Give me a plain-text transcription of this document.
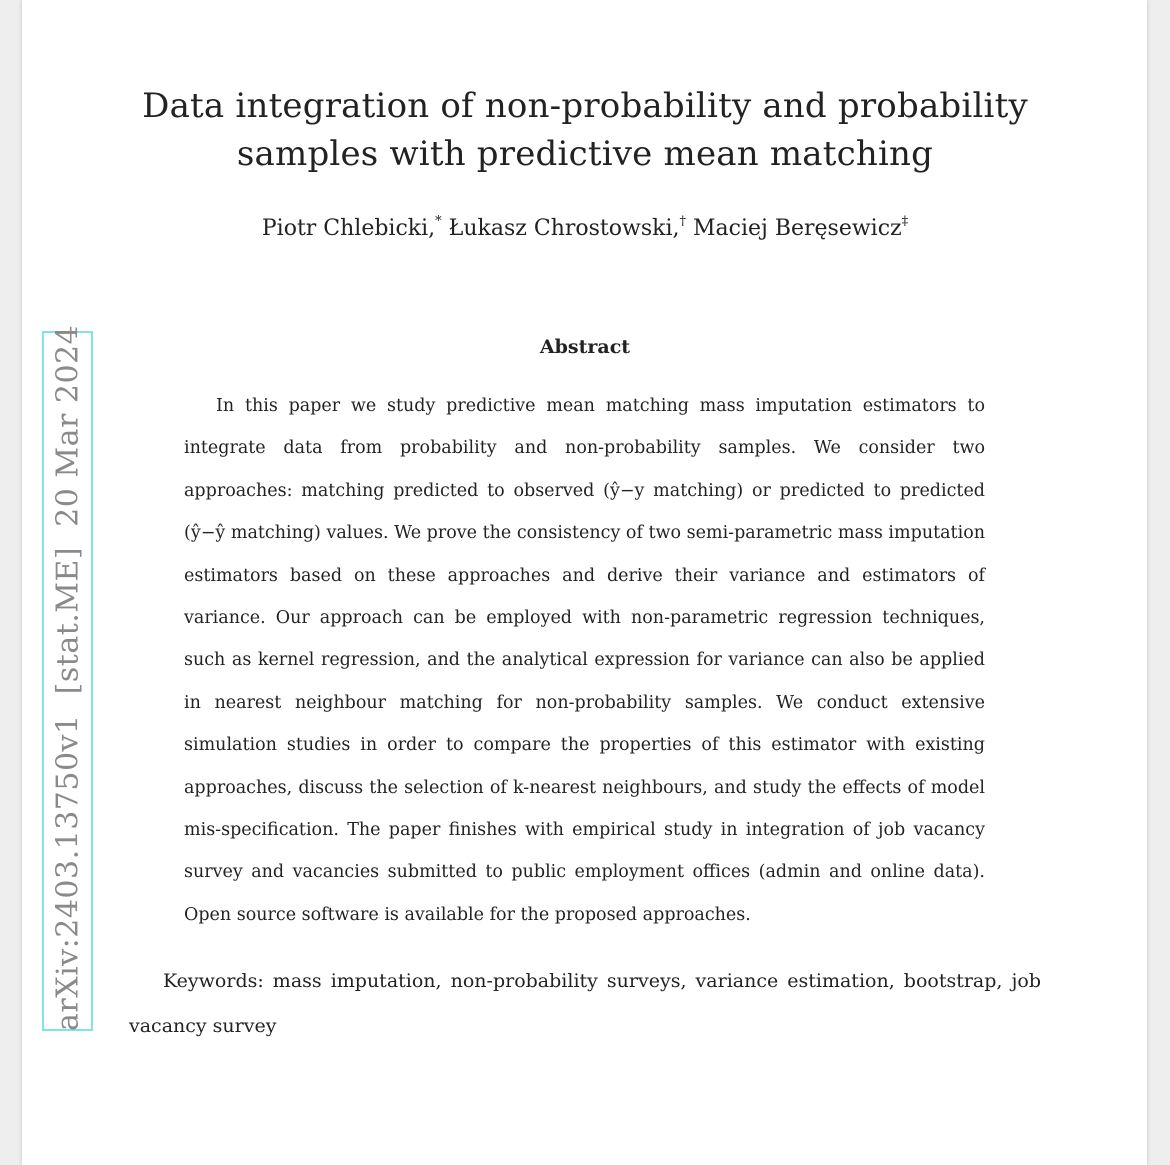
Data integration of non-probability and probability
samples with predictive mean matching
Piotr Chlebicki,* Łukasz Chrostowski,† Maciej Beręsewicz‡
arXiv:2403.13750v1  [stat.ME]  20 Mar 2024	Abstract
In this paper we study predictive mean matching mass imputation estimators to integrate data from probability and non-probability samples. We consider two approaches: matching predicted to observed (ŷ−y matching) or predicted to predicted (ŷ−ŷ matching) values. We prove the consistency of two semi-parametric mass imputation estimators based on these approaches and derive their variance and estimators of variance. Our approach can be employed with non-parametric regression techniques, such as kernel regression, and the analytical expression for variance can also be applied in nearest neighbour matching for non-probability samples. We conduct extensive simulation studies in order to compare the properties of this estimator with existing approaches, discuss the selection of k-nearest neighbours, and study the effects of model mis-specification. The paper finishes with empirical study in integration of job vacancy survey and vacancies submitted to public employment offices (admin and online data). Open source software is available for the proposed approaches.
Keywords: mass imputation, non-probability surveys, variance estimation, bootstrap, job vacancy survey
